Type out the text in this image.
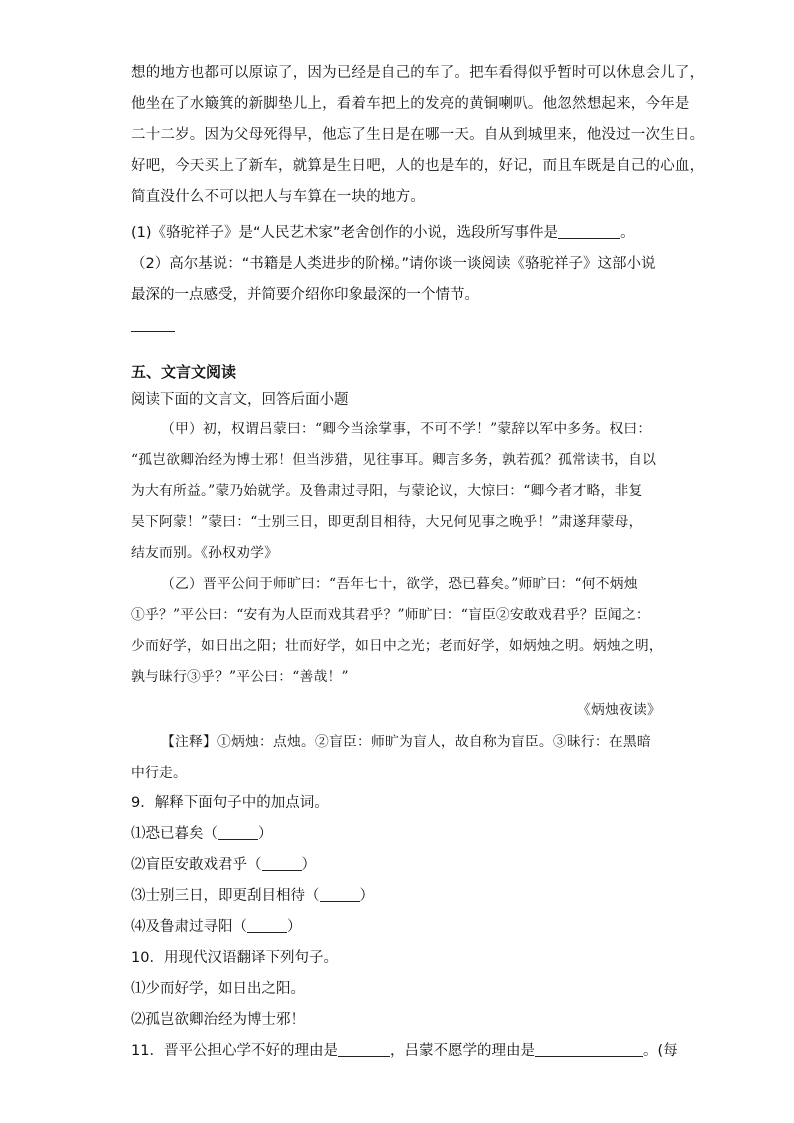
想的地方也都可以原谅了，因为已经是自己的车了。把车看得似乎暂时可以休息会儿了，
他坐在了水簸箕的新脚垫儿上，看着车把上的发亮的黄铜喇叭。他忽然想起来，今年是
二十二岁。因为父母死得早，他忘了生日是在哪一天。自从到城里来，他没过一次生日。
好吧，今天买上了新车，就算是生日吧，人的也是车的，好记，而且车既是自己的心血，
简直没什么不可以把人与车算在一块的地方。
(1)《骆驼祥子》是“人民艺术家”老舍创作的小说，选段所写事件是	。
（2）高尔基说：“书籍是人类进步的阶梯。”请你谈一谈阅读《骆驼祥子》这部小说
最深的一点感受，并简要介绍你印象最深的一个情节。
五、文言文阅读
阅读下面的文言文，回答后面小题
（甲）初，权谓吕蒙曰：“卿今当涂掌事，不可不学！”蒙辞以军中多务。权曰：
“孤岂欲卿治经为博士邪！但当涉猎，见往事耳。卿言多务，孰若孤？孤常读书，自以
为大有所益。”蒙乃始就学。及鲁肃过寻阳，与蒙论议，大惊曰：“卿今者才略，非复
吴下阿蒙！”蒙曰：“士别三日，即更刮目相待，大兄何见事之晚乎！”肃遂拜蒙母，
结友而别。《孙权劝学》
（乙）晋平公问于师旷曰：“吾年七十，欲学，恐已暮矣。”师旷曰：“何不炳烛
①乎？”平公曰：“安有为人臣而戏其君乎？”师旷曰：“盲臣②安敢戏君乎？臣闻之：
少而好学，如日出之阳；壮而好学，如日中之光；老而好学，如炳烛之明。炳烛之明，
孰与昧行③乎？”平公曰：“善哉！”
《炳烛夜读》
【注释】①炳烛：点烛。②盲臣：师旷为盲人，故自称为盲臣。③昧行：在黑暗
中行走。
9．解释下面句子中的加点词。
⑴恐已暮矣（	）
⑵盲臣安敢戏君乎（	）
⑶士别三日，即更刮目相待（	）
⑷及鲁肃过寻阳（	）
10．用现代汉语翻译下列句子。
⑴少而好学，如日出之阳。
⑵孤岂欲卿治经为博士邪！
11．晋平公担心学不好的理由是	，吕蒙不愿学的理由是	。(每
